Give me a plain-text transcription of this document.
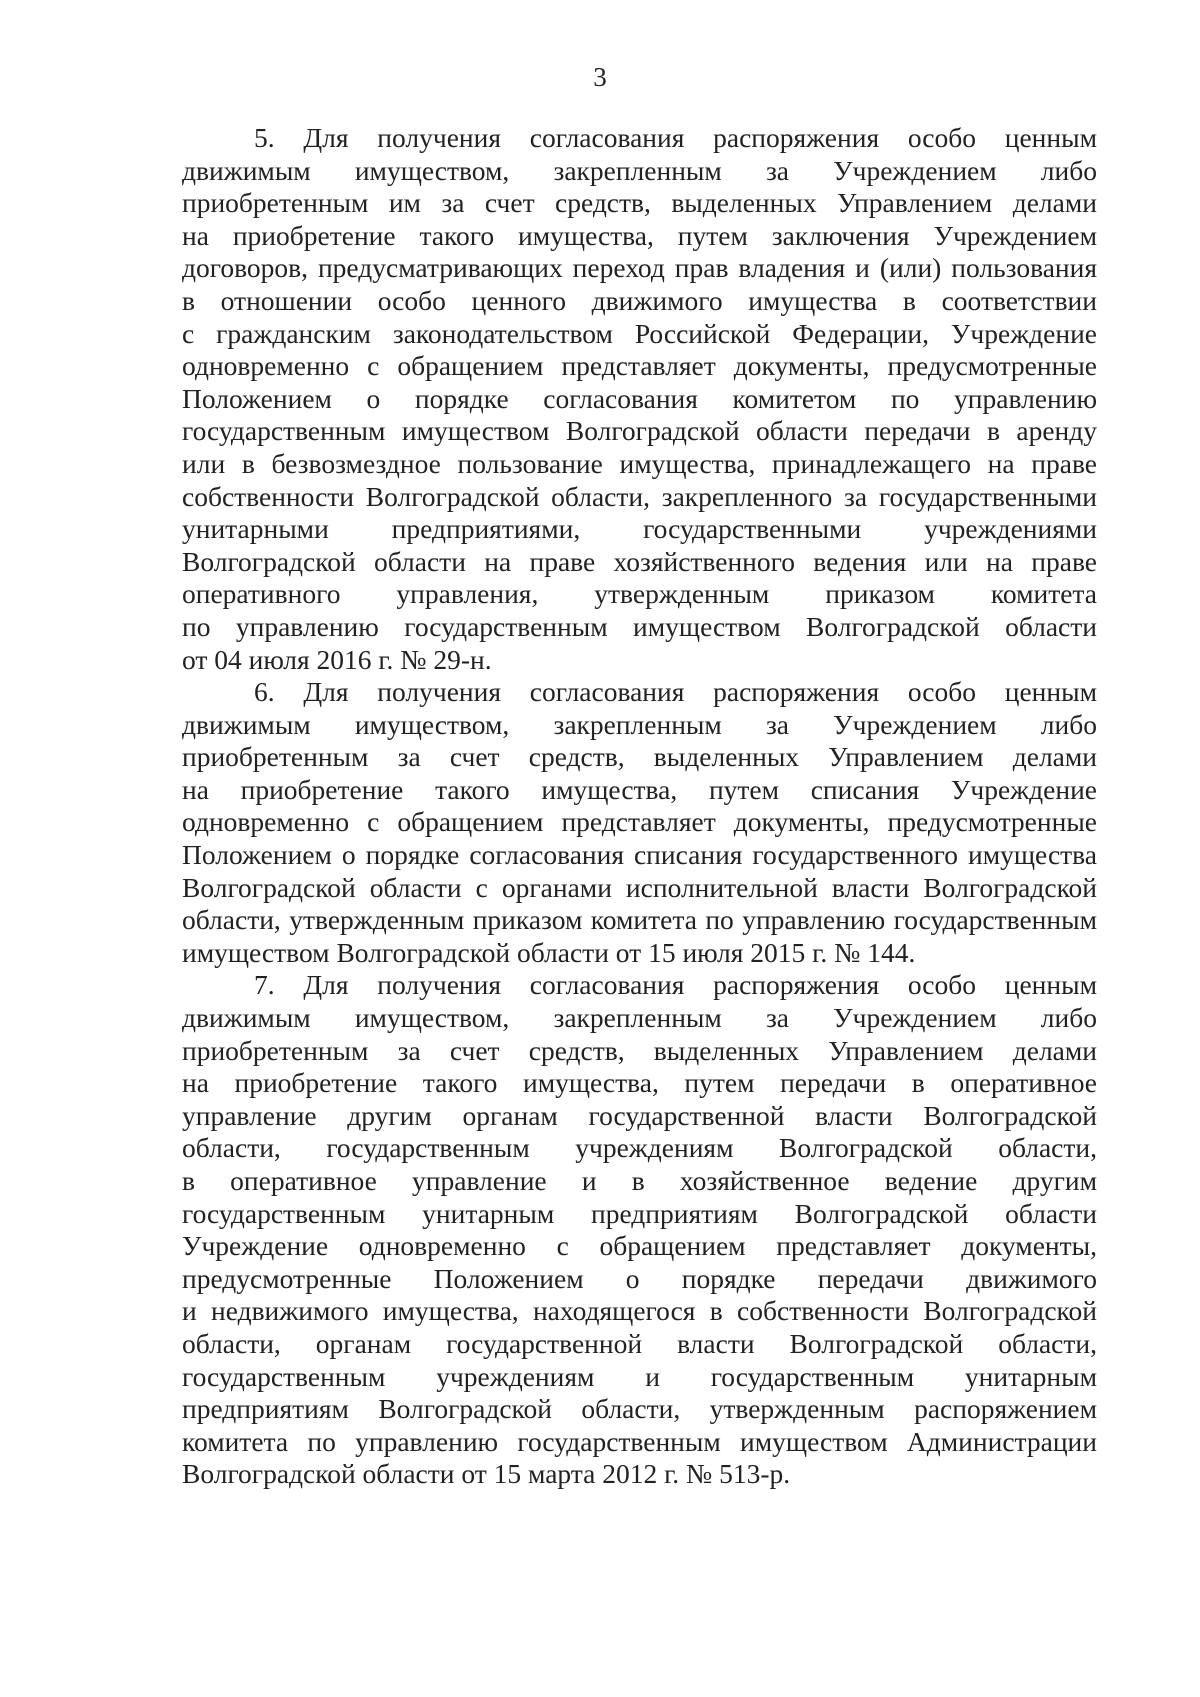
3
5. Для получения согласования распоряжения особо ценным
движимым имуществом, закрепленным за Учреждением либо
приобретенным им за счет средств, выделенных Управлением делами
на приобретение такого имущества, путем заключения Учреждением
договоров, предусматривающих переход прав владения и (или) пользования
в отношении особо ценного движимого имущества в соответствии
с гражданским законодательством Российской Федерации, Учреждение
одновременно с обращением представляет документы, предусмотренные
Положением о порядке согласования комитетом по управлению
государственным имуществом Волгоградской области передачи в аренду
или в безвозмездное пользование имущества, принадлежащего на праве
собственности Волгоградской области, закрепленного за государственными
унитарными предприятиями, государственными учреждениями
Волгоградской области на праве хозяйственного ведения или на праве
оперативного управления, утвержденным приказом комитета
по управлению государственным имуществом Волгоградской области
от 04 июля 2016 г. № 29-н.
6. Для получения согласования распоряжения особо ценным
движимым имуществом, закрепленным за Учреждением либо
приобретенным за счет средств, выделенных Управлением делами
на приобретение такого имущества, путем списания Учреждение
одновременно с обращением представляет документы, предусмотренные
Положением о порядке согласования списания государственного имущества
Волгоградской области с органами исполнительной власти Волгоградской
области, утвержденным приказом комитета по управлению государственным
имуществом Волгоградской области от 15 июля 2015 г. № 144.
7. Для получения согласования распоряжения особо ценным
движимым имуществом, закрепленным за Учреждением либо
приобретенным за счет средств, выделенных Управлением делами
на приобретение такого имущества, путем передачи в оперативное
управление другим органам государственной власти Волгоградской
области, государственным учреждениям Волгоградской области,
в оперативное управление и в хозяйственное ведение другим
государственным унитарным предприятиям Волгоградской области
Учреждение одновременно с обращением представляет документы,
предусмотренные Положением о порядке передачи движимого
и недвижимого имущества, находящегося в собственности Волгоградской
области, органам государственной власти Волгоградской области,
государственным учреждениям и государственным унитарным
предприятиям Волгоградской области, утвержденным распоряжением
комитета по управлению государственным имуществом Администрации
Волгоградской области от 15 марта 2012 г. № 513-р.
